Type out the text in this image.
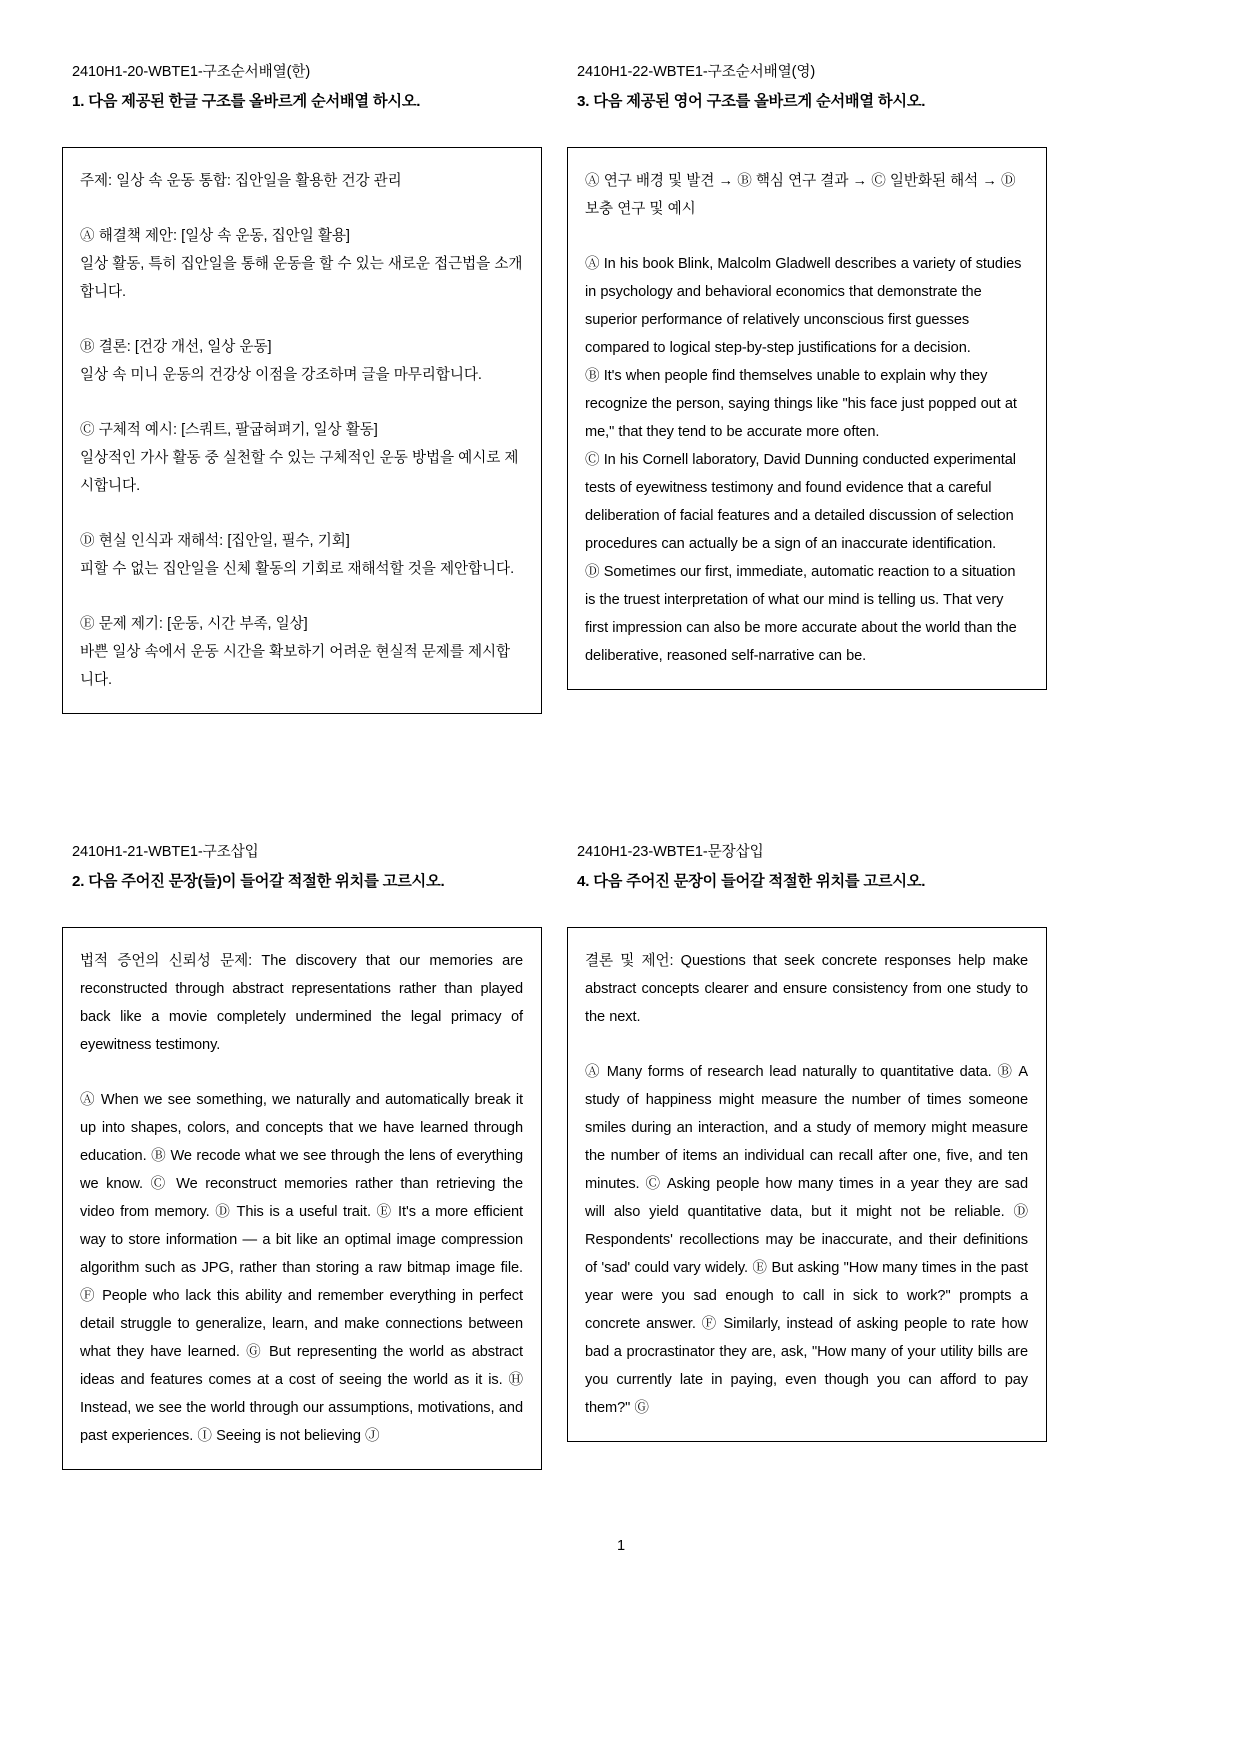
2410H1-20-WBTE1-구조순서배열(한)
1. 다음 제공된 한글 구조를 올바르게 순서배열 하시오.

주제: 일상 속 운동 통합: 집안일을 활용한 건강 관리

Ⓐ 해결책 제안: [일상 속 운동, 집안일 활용]

일상 활동, 특히 집안일을 통해 운동을 할 수 있는 새로운 접근법을 소개합니다.

Ⓑ 결론: [건강 개선, 일상 운동]

일상 속 미니 운동의 건강상 이점을 강조하며 글을 마무리합니다.

Ⓒ 구체적 예시: [스쿼트, 팔굽혀펴기, 일상 활동]

일상적인 가사 활동 중 실천할 수 있는 구체적인 운동 방법을 예시로 제시합니다.

Ⓓ 현실 인식과 재해석: [집안일, 필수, 기회]

피할 수 없는 집안일을 신체 활동의 기회로 재해석할 것을 제안합니다.

Ⓔ 문제 제기: [운동, 시간 부족, 일상]

바쁜 일상 속에서 운동 시간을 확보하기 어려운 현실적 문제를 제시합니다.

2410H1-22-WBTE1-구조순서배열(영)
3. 다음 제공된 영어 구조를 올바르게 순서배열 하시오.

Ⓐ 연구 배경 및 발견 → Ⓑ 핵심 연구 결과 → Ⓒ 일반화된 해석 → Ⓓ 보충 연구 및 예시

Ⓐ In his book Blink, Malcolm Gladwell describes a variety of studies in psychology and behavioral economics that demonstrate the superior performance of relatively unconscious first guesses compared to logical step‐by‐step justifications for a decision.

Ⓑ It's when people find themselves unable to explain why they recognize the person, saying things like "his face just popped out at me," that they tend to be accurate more often.

Ⓒ In his Cornell laboratory, David Dunning conducted experimental tests of eyewitness testimony and found evidence that a careful deliberation of facial features and a detailed discussion of selection procedures can actually be a sign of an inaccurate identification.

Ⓓ Sometimes our first, immediate, automatic reaction to a situation is the truest interpretation of what our mind is telling us. That very first impression can also be more accurate about the world than the deliberative, reasoned self‐narrative can be.

2410H1-21-WBTE1-구조삽입
2. 다음 주어진 문장(들)이 들어갈 적절한 위치를 고르시오.

법적 증언의 신뢰성 문제: The discovery that our memories are reconstructed through abstract representations rather than played back like a movie completely undermined the legal primacy of eyewitness testimony.

Ⓐ When we see something, we naturally and automatically break it up into shapes, colors, and concepts that we have learned through education. Ⓑ We recode what we see through the lens of everything we know. Ⓒ We reconstruct memories rather than retrieving the video from memory. Ⓓ This is a useful trait. Ⓔ It's a more efficient way to store information — a bit like an optimal image compression algorithm such as JPG, rather than storing a raw bitmap image file. Ⓕ People who lack this ability and remember everything in perfect detail struggle to generalize, learn, and make connections between what they have learned. Ⓖ But representing the world as abstract ideas and features comes at a cost of seeing the world as it is. Ⓗ Instead, we see the world through our assumptions, motivations, and past experiences. Ⓘ Seeing is not believing Ⓙ

2410H1-23-WBTE1-문장삽입
4. 다음 주어진 문장이 들어갈 적절한 위치를 고르시오.

결론 및 제언: Questions that seek concrete responses help make abstract concepts clearer and ensure consistency from one study to the next.

Ⓐ Many forms of research lead naturally to quantitative data. Ⓑ A study of happiness might measure the number of times someone smiles during an interaction, and a study of memory might measure the number of items an individual can recall after one, five, and ten minutes. Ⓒ Asking people how many times in a year they are sad will also yield quantitative data, but it might not be reliable. Ⓓ Respondents' recollections may be inaccurate, and their definitions of 'sad' could vary widely. Ⓔ But asking "How many times in the past year were you sad enough to call in sick to work?" prompts a concrete answer. Ⓕ Similarly, instead of asking people to rate how bad a procrastinator they are, ask, "How many of your utility bills are you currently late in paying, even though you can afford to pay them?" Ⓖ

1
